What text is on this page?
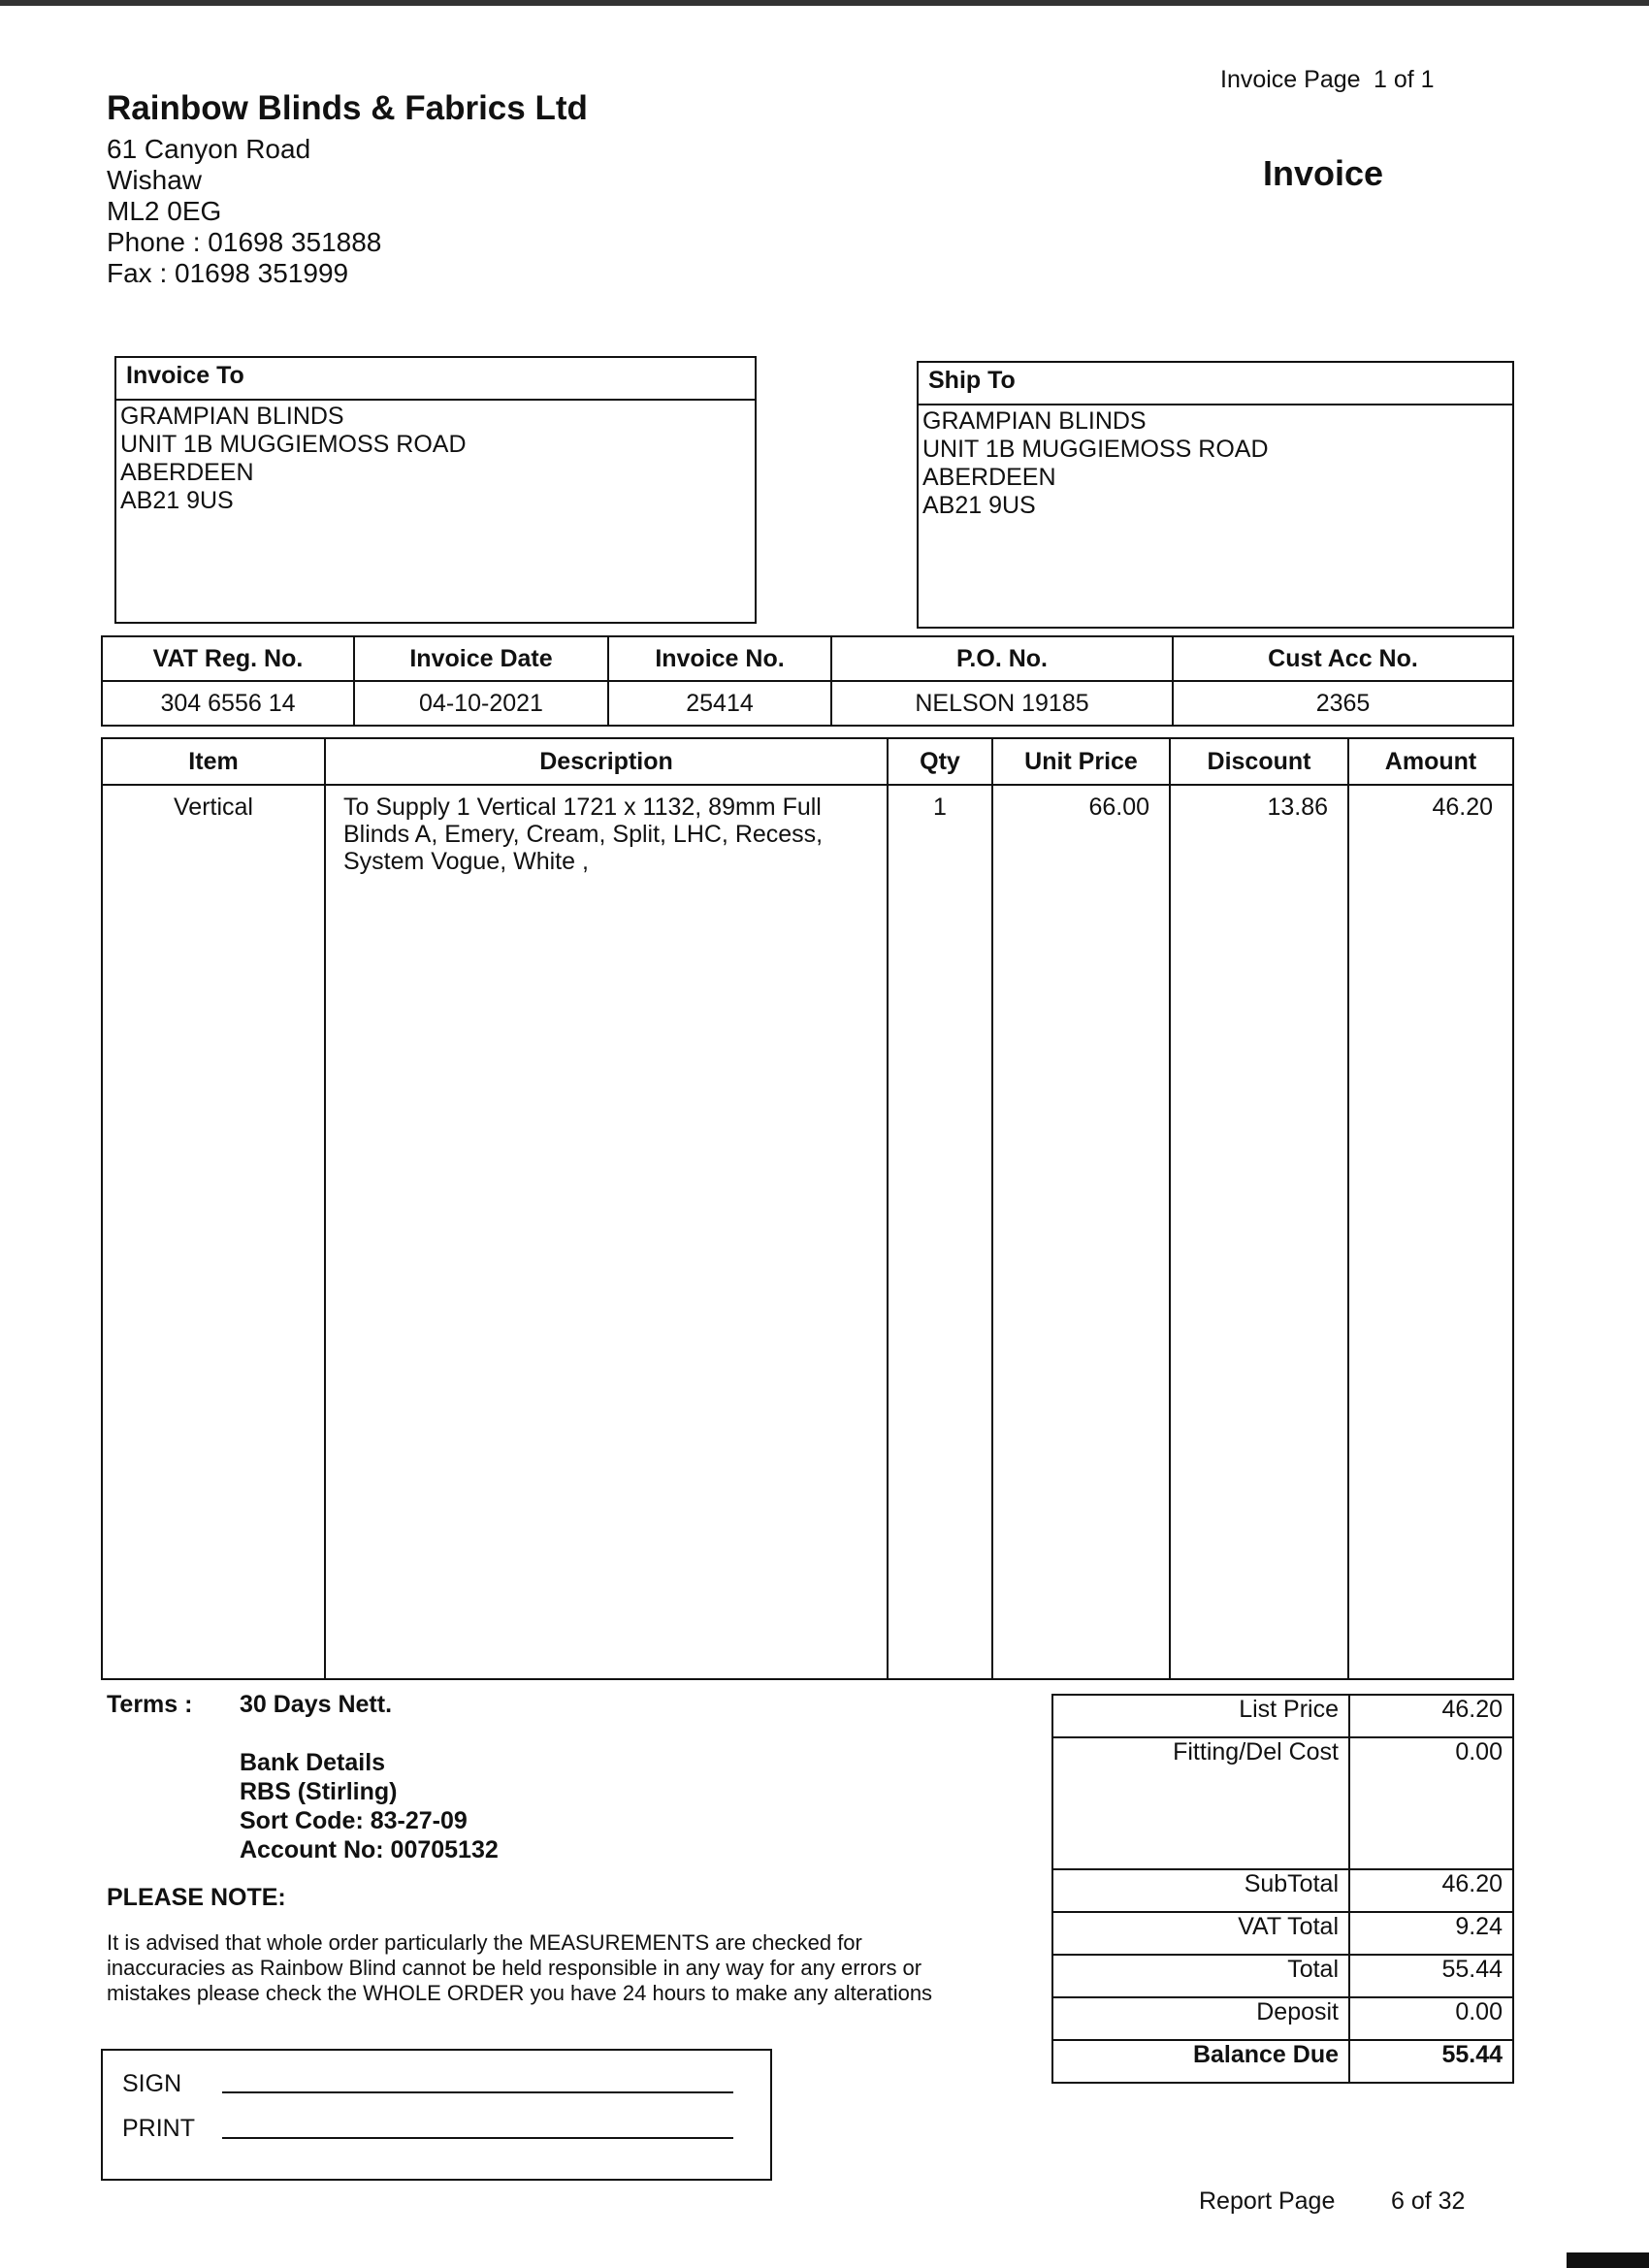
Invoice Page 1 of 1
Rainbow Blinds & Fabrics Ltd
61 Canyon Road
Wishaw
ML2 0EG
Phone : 01698 351888
Fax : 01698 351999
Invoice
Invoice To
GRAMPIAN BLINDS
UNIT 1B MUGGIEMOSS ROAD
ABERDEEN
AB21 9US
Ship To
GRAMPIAN BLINDS
UNIT 1B MUGGIEMOSS ROAD
ABERDEEN
AB21 9US
VAT Reg. No.	Invoice Date	Invoice No.	P.O. No.	Cust Acc No.
304 6556 14	04-10-2021	25414	NELSON 19185	2365
Item	Description	Qty	Unit Price	Discount	Amount
Vertical	To Supply 1 Vertical 1721 x 1132, 89mm Full
Blinds A, Emery, Cream, Split, LHC, Recess,
System Vogue, White ,	1	66.00	13.86	46.20
Terms : 30 Days Nett.
Bank Details
RBS (Stirling)
Sort Code: 83-27-09
Account No: 00705132
PLEASE NOTE:
It is advised that whole order particularly the MEASUREMENTS are checked for
inaccuracies as Rainbow Blind cannot be held responsible in any way for any errors or
mistakes please check the WHOLE ORDER you have 24 hours to make any alterations
SIGN
PRINT
List Price	46.20
Fitting/Del Cost	0.00
SubTotal	46.20
VAT Total	9.24
Total	55.44
Deposit	0.00
Balance Due	55.44
Report Page 6 of 32
